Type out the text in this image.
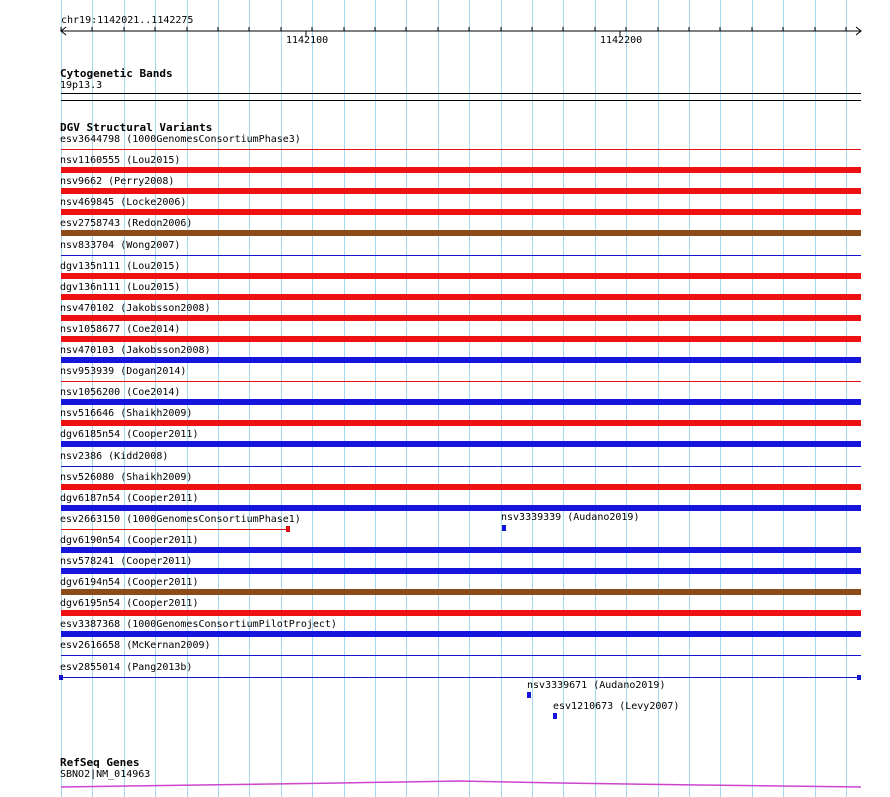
chr19:1142021..1142275
1142100	1142200
Cytogenetic Bands
19p13.3
DGV Structural Variants
esv3644798 (1000GenomesConsortiumPhase3)
nsv1160555 (Lou2015)
nsv9662 (Perry2008)
nsv469845 (Locke2006)
esv2758743 (Redon2006)
nsv833704 (Wong2007)
dgv135n111 (Lou2015)
dgv136n111 (Lou2015)
nsv470102 (Jakobsson2008)
nsv1058677 (Coe2014)
nsv470103 (Jakobsson2008)
nsv953939 (Dogan2014)
nsv1056200 (Coe2014)
nsv516646 (Shaikh2009)
dgv6185n54 (Cooper2011)
nsv2386 (Kidd2008)
nsv526080 (Shaikh2009)
dgv6187n54 (Cooper2011)
esv2663150 (1000GenomesConsortiumPhase1)
dgv6190n54 (Cooper2011)
nsv578241 (Cooper2011)
dgv6194n54 (Cooper2011)
dgv6195n54 (Cooper2011)
esv3387368 (1000GenomesConsortiumPilotProject)
esv2616658 (McKernan2009)
esv2855014 (Pang2013b)
nsv3339339 (Audano2019)
nsv3339671 (Audano2019)
esv1210673 (Levy2007)
RefSeq Genes
SBNO2|NM_014963
